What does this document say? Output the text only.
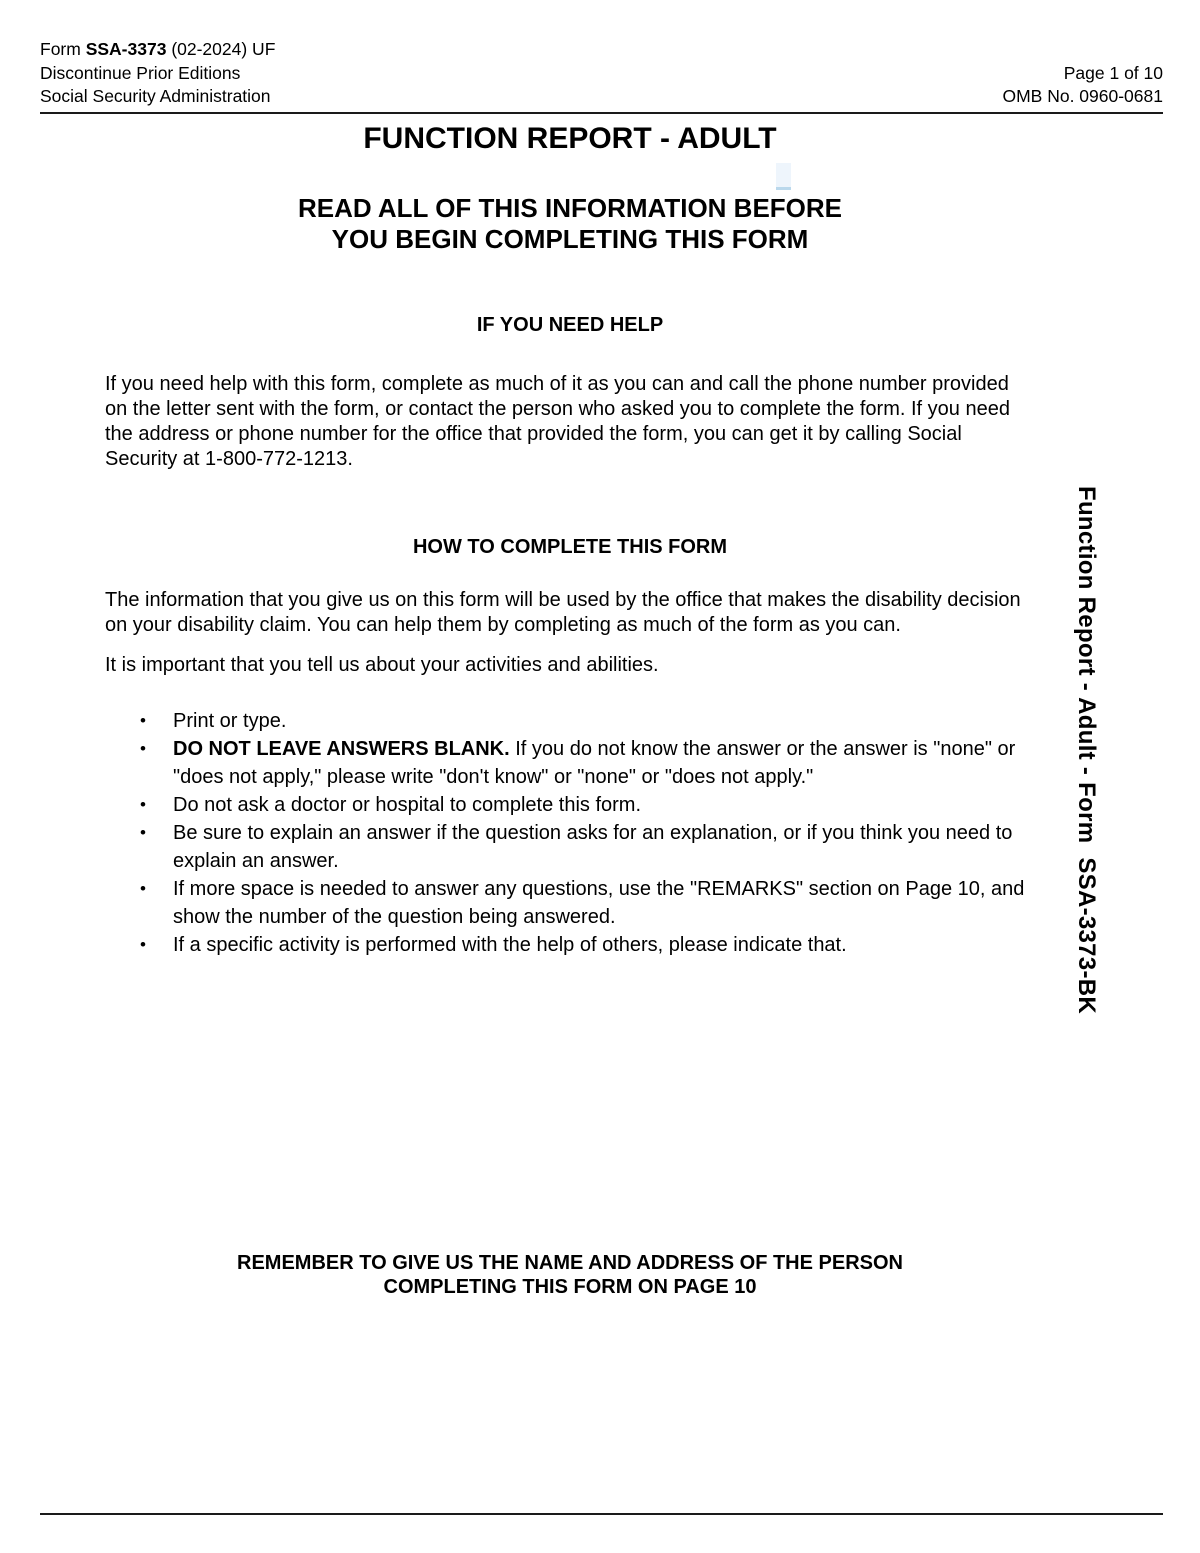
Form SSA-3373 (02-2024) UF
Discontinue Prior Editions
Social Security Administration
Page 1 of 10
OMB No. 0960-0681
FUNCTION REPORT - ADULT
READ ALL OF THIS INFORMATION BEFORE
YOU BEGIN COMPLETING THIS FORM
IF YOU NEED HELP

If you need help with this form, complete as much of it as you can and call the phone number provided on the letter sent with the form, or contact the person who asked you to complete the form. If you need the address or phone number for the office that provided the form, you can get it by calling Social Security at 1-800-772-1213.

HOW TO COMPLETE THIS FORM

The information that you give us on this form will be used by the office that makes the disability decision on your disability claim. You can help them by completing as much of the form as you can.

It is important that you tell us about your activities and abilities.

•	Print or type.
•	DO NOT LEAVE ANSWERS BLANK. If you do not know the answer or the answer is "none" or "does not apply," please write "don't know" or "none" or "does not apply."
•	Do not ask a doctor or hospital to complete this form.
•	Be sure to explain an answer if the question asks for an explanation, or if you think you need to explain an answer.
•	If more space is needed to answer any questions, use the "REMARKS" section on Page 10, and show the number of the question being answered.
•	If a specific activity is performed with the help of others, please indicate that.
REMEMBER TO GIVE US THE NAME AND ADDRESS OF THE PERSON
COMPLETING THIS FORM ON PAGE 10
Function Report - Adult - Form  SSA-3373-BK
